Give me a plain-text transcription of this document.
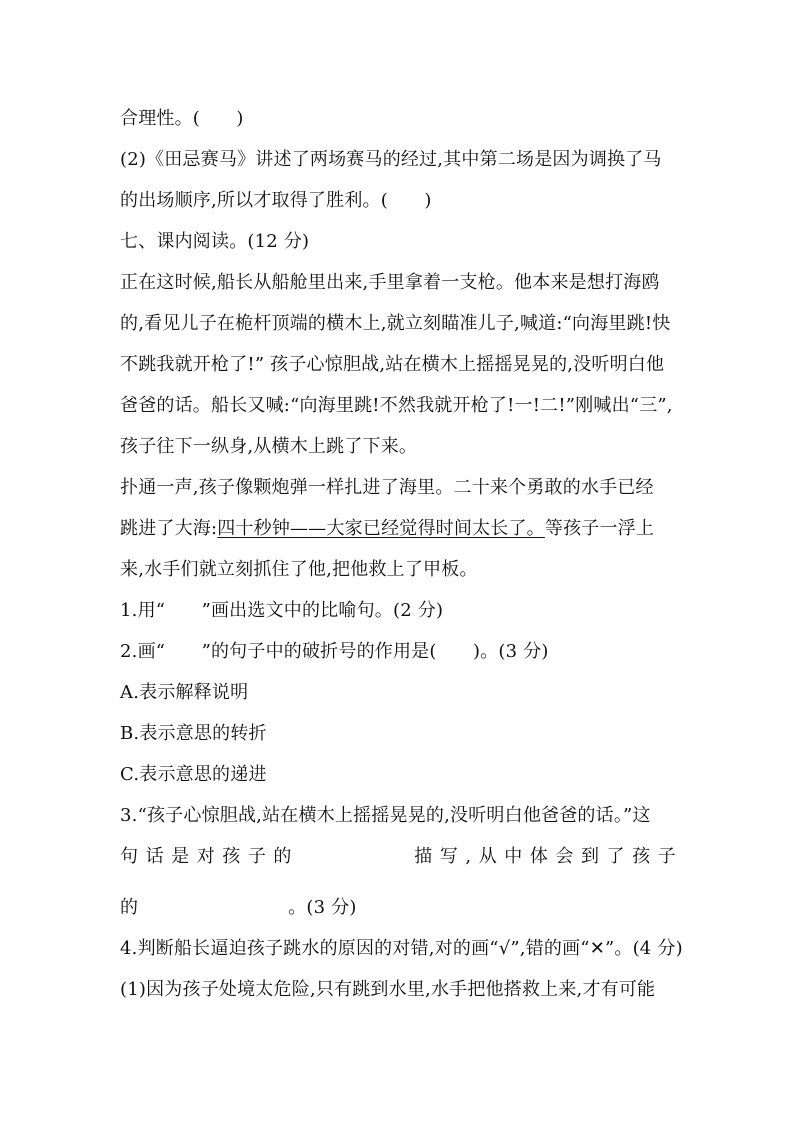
合理性。(　　)
(2)《田忌赛马》讲述了两场赛马的经过,其中第二场是因为调换了马
的出场顺序,所以才取得了胜利。(　　)
七、课内阅读。(12 分)
正在这时候,船长从船舱里出来,手里拿着一支枪。他本来是想打海鸥
的,看见儿子在桅杆顶端的横木上,就立刻瞄准儿子,喊道:“向海里跳!快
不跳我就开枪了!” 孩子心惊胆战,站在横木上摇摇晃晃的,没听明白他
爸爸的话。船长又喊:“向海里跳!不然我就开枪了!一!二!”刚喊出“三”,
孩子往下一纵身,从横木上跳了下来。
扑通一声,孩子像颗炮弹一样扎进了海里。二十来个勇敢的水手已经
跳进了大海:四十秒钟——大家已经觉得时间太长了。等孩子一浮上
来,水手们就立刻抓住了他,把他救上了甲板。
1.用“　　”画出选文中的比喻句。(2 分)
2.画“　　”的句子中的破折号的作用是(　　)。(3 分)
A.表示解释说明
B.表示意思的转折
C.表示意思的递进
3.“孩子心惊胆战,站在横木上摇摇晃晃的,没听明白他爸爸的话。”这
句 话 是 对 孩 子 的	描 写 , 从 中 体 会 到 了 孩 子
的	。(3 分)
4.判断船长逼迫孩子跳水的原因的对错,对的画“√”,错的画“✕”。(4 分)
(1)因为孩子处境太危险,只有跳到水里,水手把他搭救上来,才有可能
